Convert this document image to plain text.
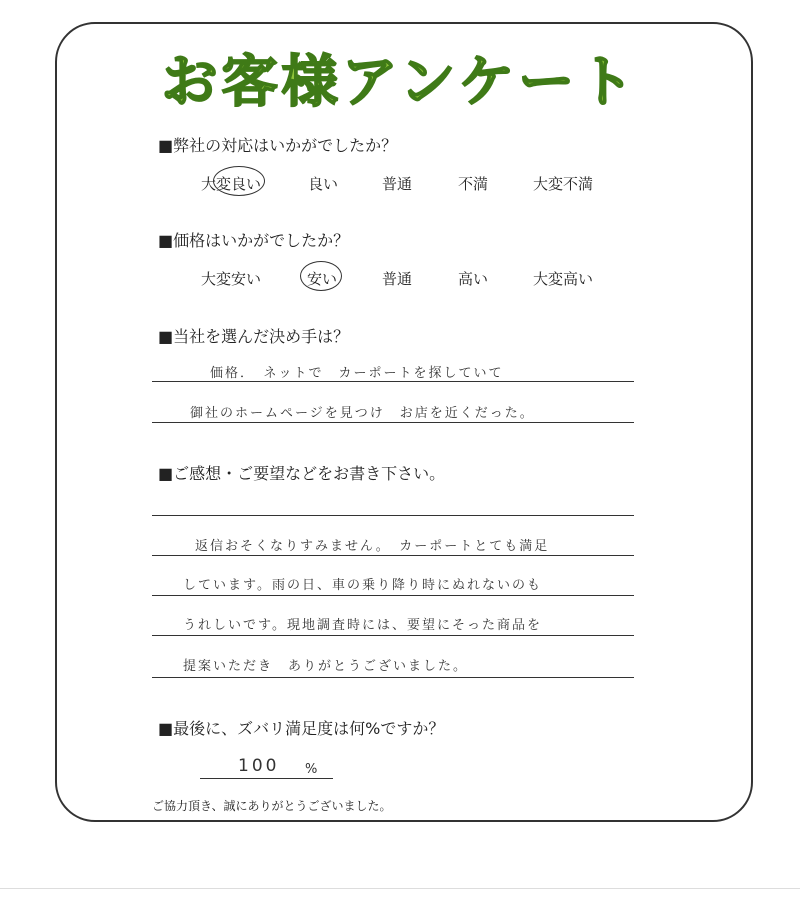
お客様アンケート
■弊社の対応はいかがでしたか？
大変良い	良い	普通	不満	大変不満
■価格はいかがでしたか？
大変安い	安い	普通	高い	大変高い
■当社を選んだ決め手は？
価格．　ネットで　カーポートを探していて
御社のホームページを見つけ　お店を近くだった。
■ご感想・ご要望などをお書き下さい。
返信おそくなりすみません。　カーポートとても満足
しています。雨の日、車の乗り降り時にぬれないのも
うれしいです。現地調査時には、要望にそった商品を
提案いただき　ありがとうございました。
■最後に、ズバリ満足度は何%ですか？
100 %
ご協力頂き、誠にありがとうございました。
